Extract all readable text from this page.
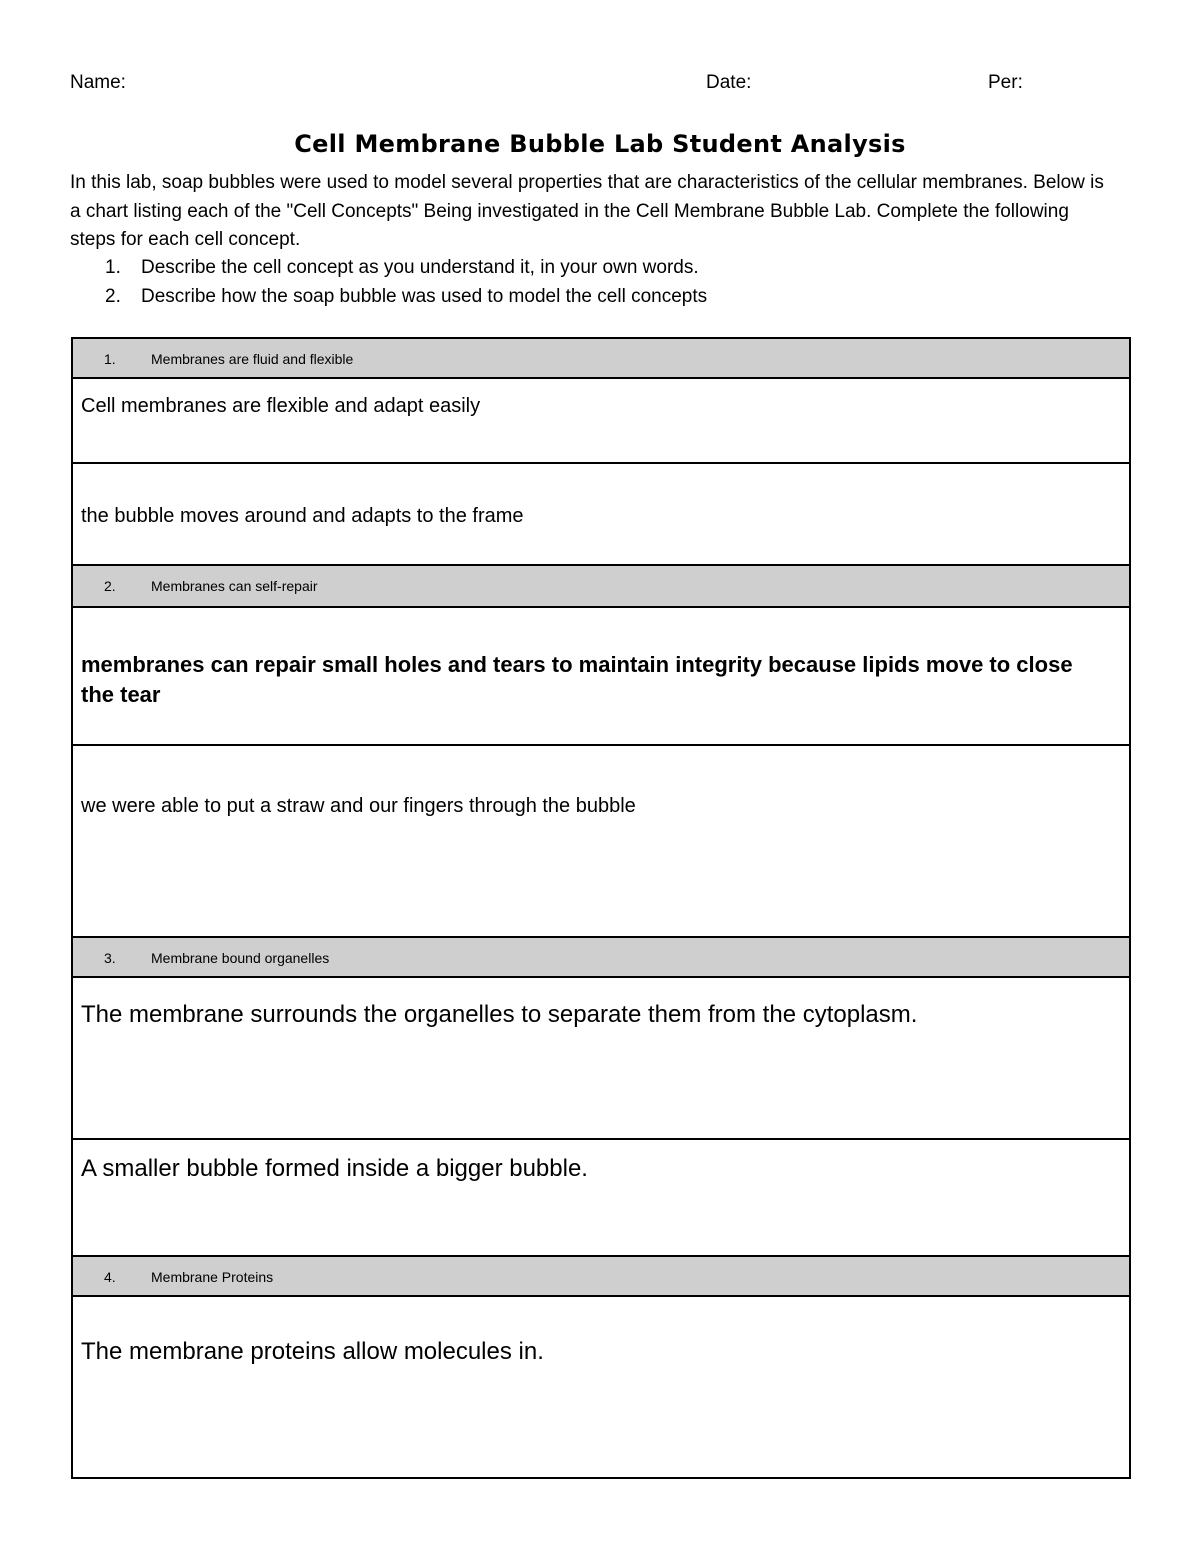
Name:	Date:	Per:
Cell Membrane Bubble Lab Student Analysis

In this lab, soap bubbles were used to model several properties that are characteristics of the cellular membranes. Below is a chart listing each of the "Cell Concepts" Being investigated in the Cell Membrane Bubble Lab. Complete the following steps for each cell concept.

1.	Describe the cell concept as you understand it, in your own words.
2.	Describe how the soap bubble was used to model the cell concepts
1.	Membranes are fluid and flexible
Cell membranes are flexible and adapt easily
the bubble moves around and adapts to the frame
2.	Membranes can self-repair
membranes can repair small holes and tears to maintain integrity because lipids move to close the tear
we were able to put a straw and our fingers through the bubble
3.	Membrane bound organelles
The membrane surrounds the organelles to separate them from the cytoplasm.
A smaller bubble formed inside a bigger bubble.
4.	Membrane Proteins
The membrane proteins allow molecules in.
